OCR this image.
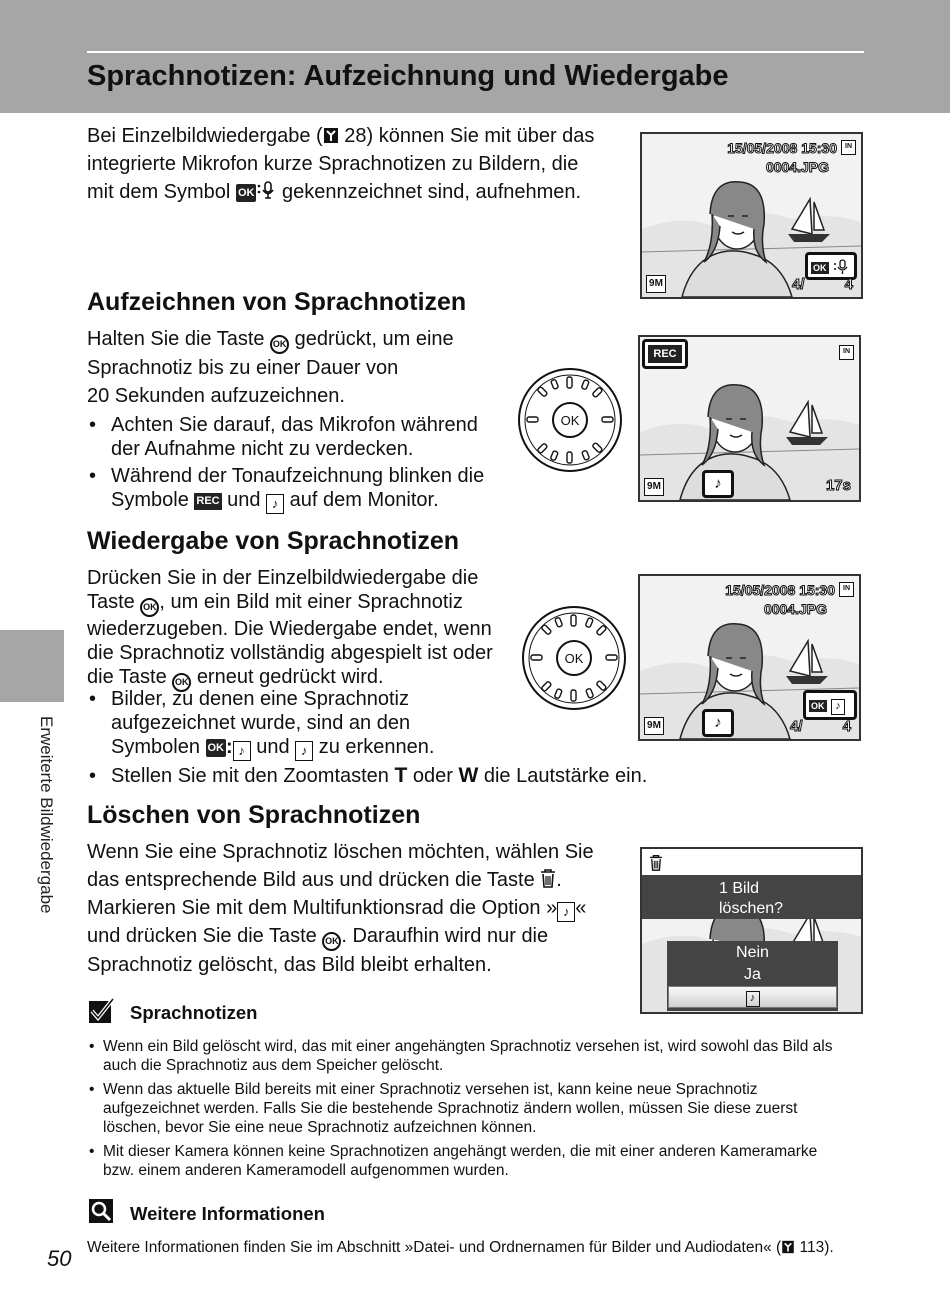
Sprachnotizen: Aufzeichnung und Wiedergabe
Bei Einzelbildwiedergabe ( 28) können Sie mit über das
integrierte Mikrofon kurze Sprachnotizen zu Bildern, die
mit dem Symbol OK gekennzeichnet sind, aufnehmen.
15/05/2008 15:30	IN
0004.JPG
OK
9M	4/	4
Aufzeichnen von Sprachnotizen
Halten Sie die Taste OK gedrückt, um eine
Sprachnotiz bis zu einer Dauer von
20 Sekunden aufzuzeichnen.
• Achten Sie darauf, das Mikrofon während
der Aufnahme nicht zu verdecken.
• Während der Tonaufzeichnung blinken die
Symbole REC und ♪ auf dem Monitor.
OK
REC	IN
9M	♪	17s
Wiedergabe von Sprachnotizen
Drücken Sie in der Einzelbildwiedergabe die
Taste OK , um ein Bild mit einer Sprachnotiz
wiederzugeben. Die Wiedergabe endet, wenn
die Sprachnotiz vollständig abgespielt ist oder
die Taste OK erneut gedrückt wird.
• Bilder, zu denen eine Sprachnotiz
aufgezeichnet wurde, sind an den
Symbolen OK : ♪ und ♪ zu erkennen.
• Stellen Sie mit den Zoomtasten T oder W die Lautstärke ein.
OK
15/05/2008 15:30	IN
0004.JPG
OK ♪
9M	♪	4/	4
Löschen von Sprachnotizen
Wenn Sie eine Sprachnotiz löschen möchten, wählen Sie
das entsprechende Bild aus und drücken die Taste .
Markieren Sie mit dem Multifunktionsrad die Option » ♪ «
und drücken Sie die Taste OK . Daraufhin wird nur die
Sprachnotiz gelöscht, das Bild bleibt erhalten.
1 Bild
löschen?
Nein
Ja
♪
Sprachnotizen
• Wenn ein Bild gelöscht wird, das mit einer angehängten Sprachnotiz versehen ist, wird sowohl das Bild als
auch die Sprachnotiz aus dem Speicher gelöscht.
• Wenn das aktuelle Bild bereits mit einer Sprachnotiz versehen ist, kann keine neue Sprachnotiz
aufgezeichnet werden. Falls Sie die bestehende Sprachnotiz ändern wollen, müssen Sie diese zuerst
löschen, bevor Sie eine neue Sprachnotiz aufzeichnen können.
• Mit dieser Kamera können keine Sprachnotizen angehängt werden, die mit einer anderen Kameramarke
bzw. einem anderen Kameramodell aufgenommen wurden.
Weitere Informationen
Weitere Informationen finden Sie im Abschnitt »Datei- und Ordnernamen für Bilder und Audiodaten« ( 113).
Erweiterte Bildwiedergabe
50
